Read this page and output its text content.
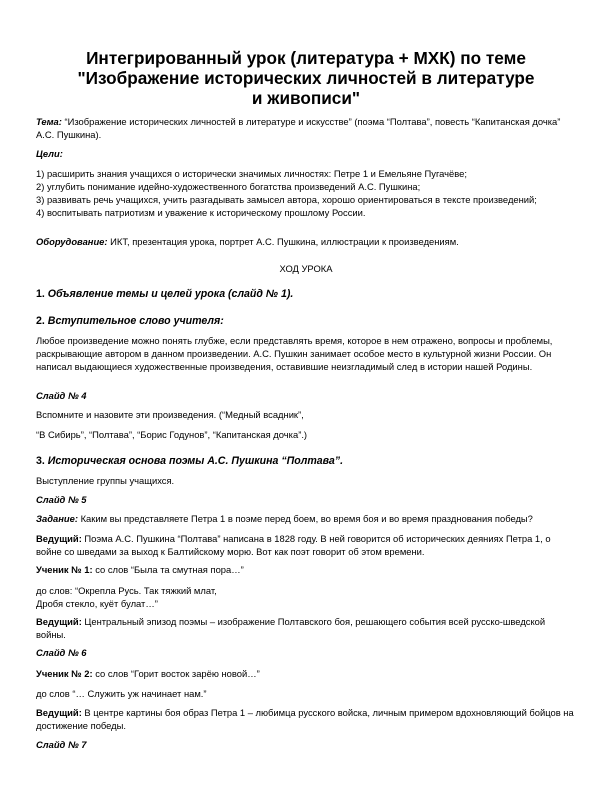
Интегрированный урок (литература + МХК) по теме
"Изображение исторических личностей в литературе
и живописи"
Тема: “Изображение исторических личностей в литературе и искусстве” (поэма “Полтава”, повесть “Капитанская дочка” А.С. Пушкина).
Цели:
1) расширить знания учащихся о исторически значимых личностях: Петре 1 и Емельяне Пугачёве;
2) углубить понимание идейно-художественного богатства произведений А.С. Пушкина;
3) развивать речь учащихся, учить разгадывать замысел автора, хорошо ориентироваться в тексте произведений;
4) воспитывать патриотизм и уважение к историческому прошлому России.
Оборудование: ИКТ, презентация урока, портрет А.С. Пушкина, иллюстрации к произведениям.
ХОД УРОКА
1. Объявление темы и целей урока (слайд № 1).
2. Вступительное слово учителя:
Любое произведение можно понять глубже, если представлять время, которое в нем отражено, вопросы и проблемы, раскрывающие автором в данном произведении. А.С. Пушкин занимает особое место в культурной жизни России. Он написал выдающиеся художественные произведения, оставившие неизгладимый след в истории нашей Родины.
Слайд № 4
Вспомните и назовите эти произведения. (“Медный всадник”,
“В Сибирь”, “Полтава”, “Борис Годунов”, “Капитанская дочка”.)
3. Историческая основа поэмы А.С. Пушкина “Полтава”.
Выступление группы учащихся.
Слайд № 5
Задание: Каким вы представляете Петра 1 в поэме перед боем, во время боя и во время празднования победы?
Ведущий: Поэма А.С. Пушкина “Полтава” написана в 1828 году. В ней говорится об исторических деяниях Петра 1, о войне со шведами за выход к Балтийскому морю. Вот как поэт говорит об этом времени.
Ученик № 1: со слов “Была та смутная пора…”
до слов: “Окрепла Русь. Так тяжкий млат,
Дробя стекло, куёт булат…”
Ведущий: Центральный эпизод поэмы – изображение Полтавского боя, решающего события всей русско-шведской войны.
Слайд № 6
Ученик № 2: со слов “Горит восток зарёю новой…”
до слов “… Служить уж начинает нам.”
Ведущий: В центре картины боя образ Петра 1 – любимца русского войска, личным примером вдохновляющий бойцов на достижение победы.
Слайд № 7
